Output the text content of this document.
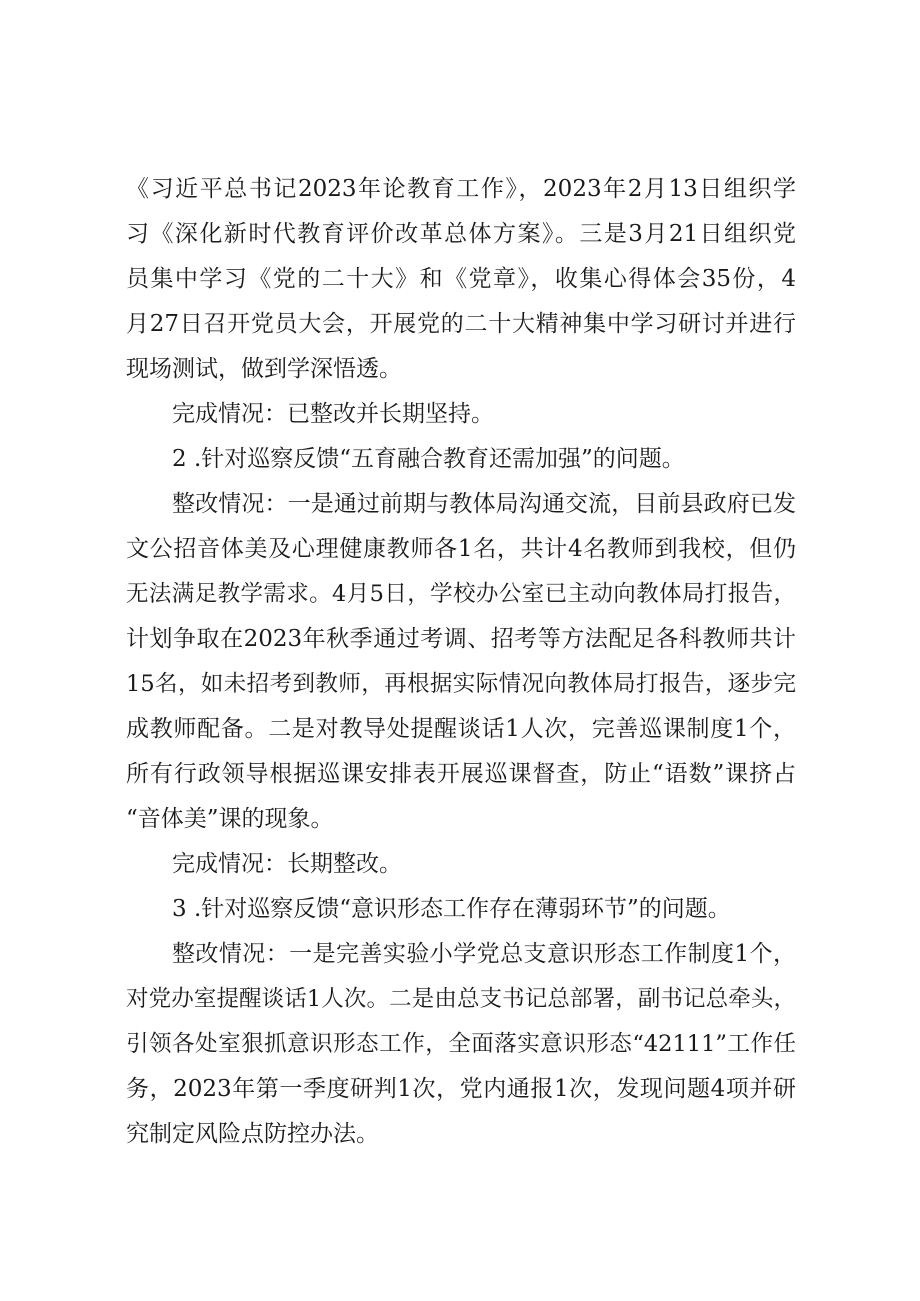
《习近平总书记2023年论教育工作》，2023年2月13日组织学
习《深化新时代教育评价改革总体方案》。三是3月21日组织党
员集中学习《党的二十大》和《党章》，收集心得体会35份，4
月27日召开党员大会，开展党的二十大精神集中学习研讨并进行
现场测试，做到学深悟透。
完成情况：已整改并长期坚持。
2 .针对巡察反馈“五育融合教育还需加强”的问题。
整改情况：一是通过前期与教体局沟通交流，目前县政府已发
文公招音体美及心理健康教师各1名，共计4名教师到我校，但仍
无法满足教学需求。4月5日，学校办公室已主动向教体局打报告，
计划争取在2023年秋季通过考调、招考等方法配足各科教师共计
15名，如未招考到教师，再根据实际情况向教体局打报告，逐步完
成教师配备。二是对教导处提醒谈话1人次，完善巡课制度1个，
所有行政领导根据巡课安排表开展巡课督查，防止“语数”课挤占
“音体美”课的现象。
完成情况：长期整改。
3 .针对巡察反馈“意识形态工作存在薄弱环节”的问题。
整改情况：一是完善实验小学党总支意识形态工作制度1个，
对党办室提醒谈话1人次。二是由总支书记总部署，副书记总牵头，
引领各处室狠抓意识形态工作，全面落实意识形态“42111”工作任
务，2023年第一季度研判1次，党内通报1次，发现问题4项并研
究制定风险点防控办法。
